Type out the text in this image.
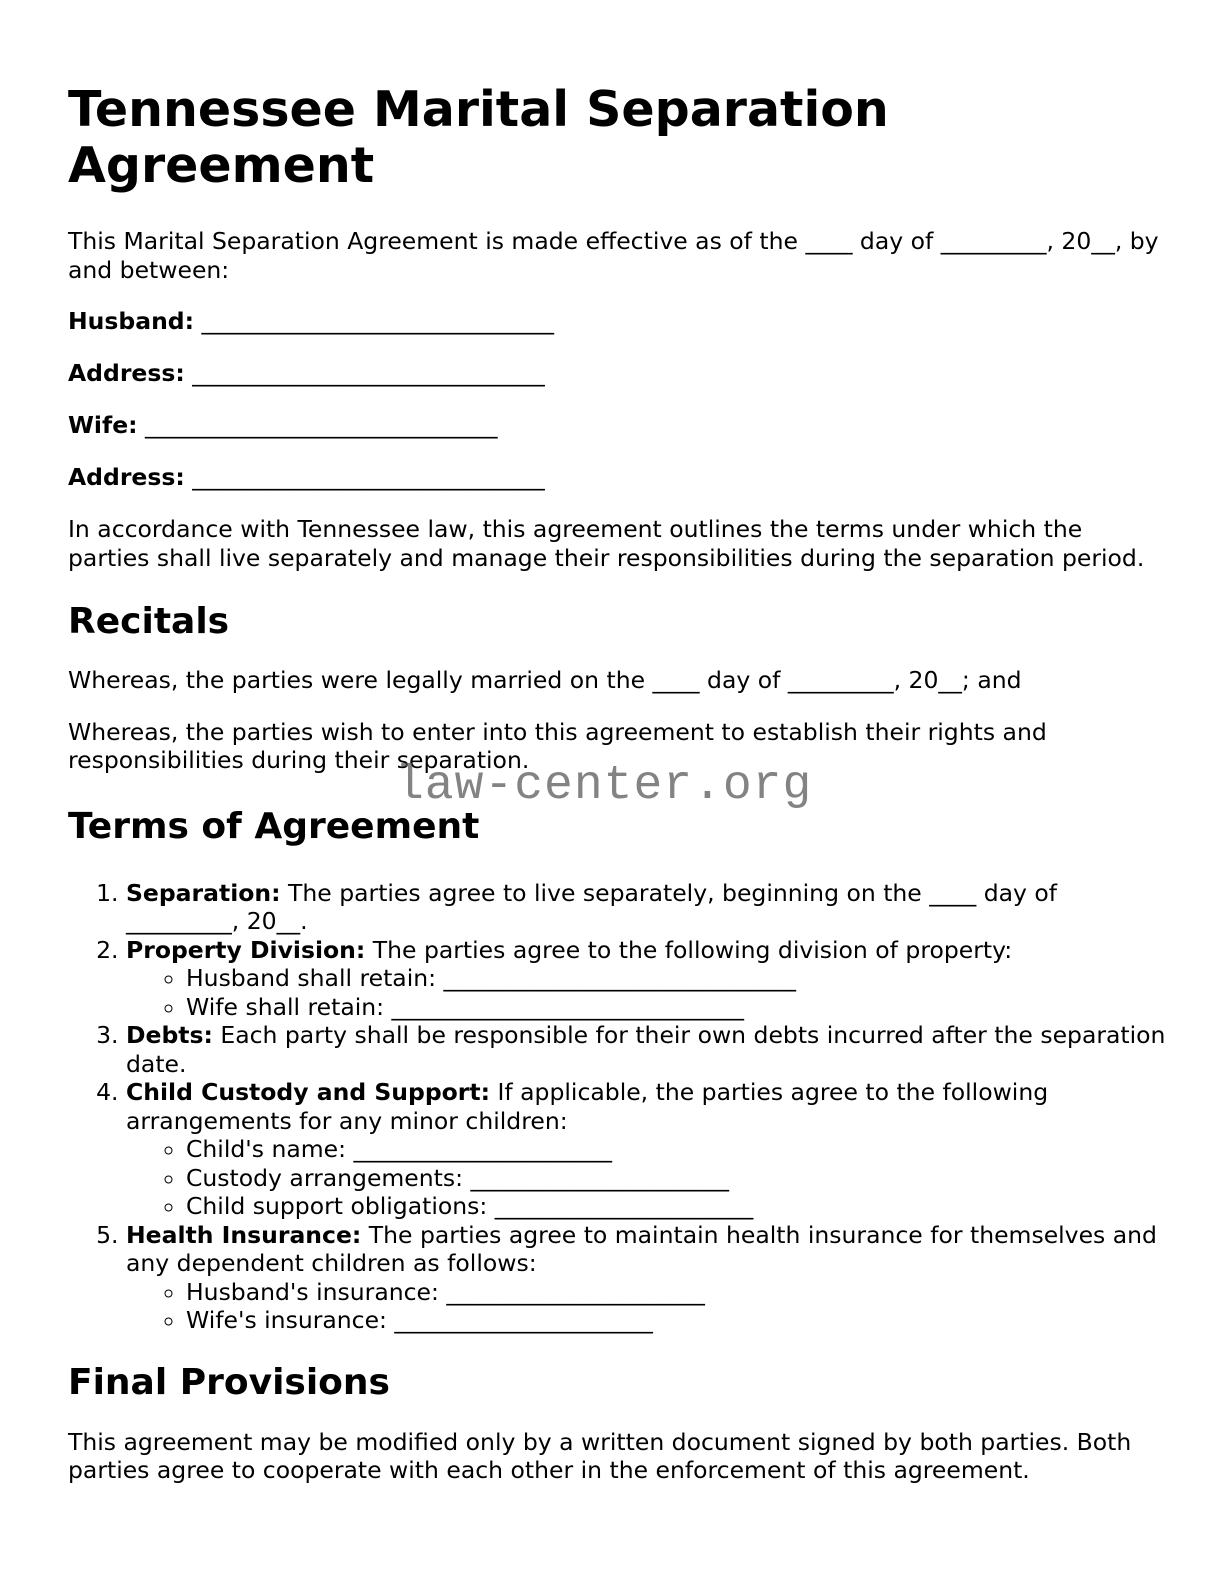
Tennessee Marital Separation Agreement

This Marital Separation Agreement is made effective as of the ____ day of _________, 20__, by and between:

Husband: ______________________________

Address: ______________________________

Wife: ______________________________

Address: ______________________________

In accordance with Tennessee law, this agreement outlines the terms under which the parties shall live separately and manage their responsibilities during the separation period.

Recitals

Whereas, the parties were legally married on the ____ day of _________, 20__; and

Whereas, the parties wish to enter into this agreement to establish their rights and responsibilities during their separation.

Terms of Agreement
1. Separation: The parties agree to live separately, beginning on the ____ day of _________, 20__.
2. Property Division: The parties agree to the following division of property:
◦ Husband shall retain: ______________________________
◦ Wife shall retain: ______________________________
3. Debts: Each party shall be responsible for their own debts incurred after the separation date.
4. Child Custody and Support: If applicable, the parties agree to the following arrangements for any minor children:
◦ Child's name: ______________________
◦ Custody arrangements: ______________________
◦ Child support obligations: ______________________
5. Health Insurance: The parties agree to maintain health insurance for themselves and any dependent children as follows:
◦ Husband's insurance: ______________________
◦ Wife's insurance: ______________________
Final Provisions

This agreement may be modified only by a written document signed by both parties. Both parties agree to cooperate with each other in the enforcement of this agreement.

law-center.org
